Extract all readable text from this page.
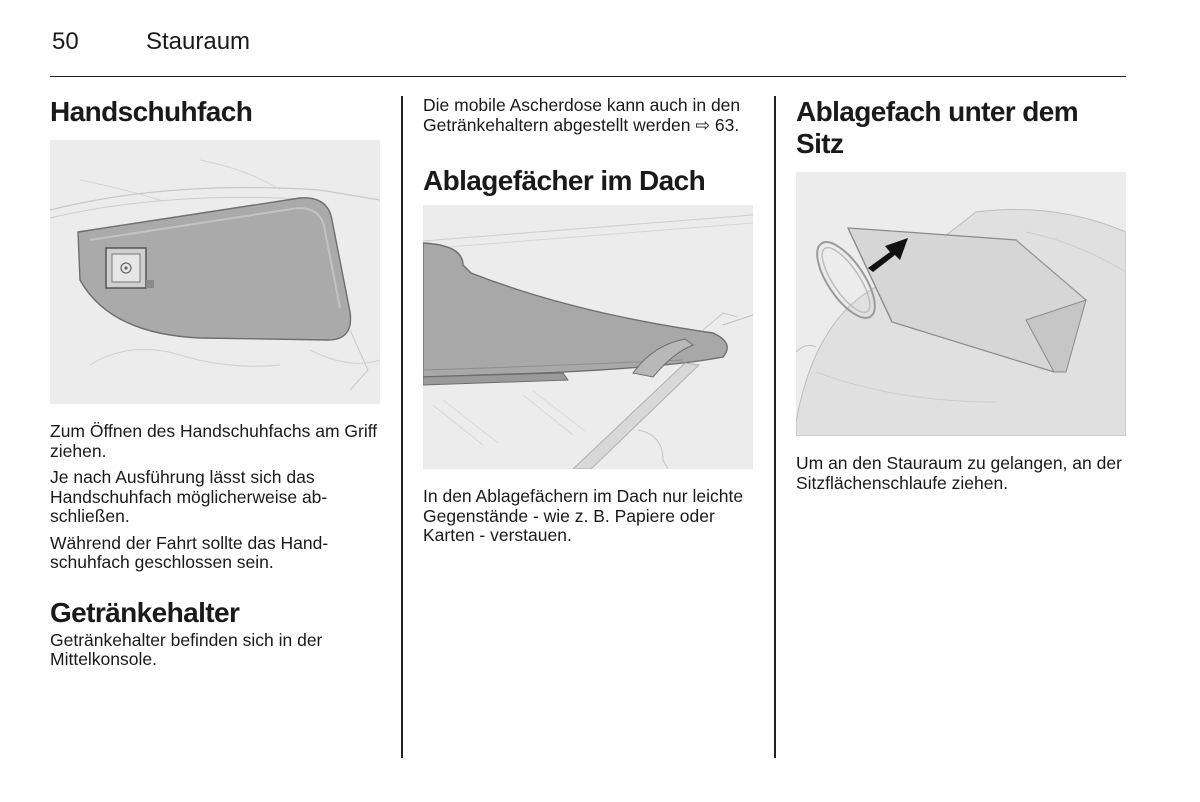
50	Stauraum
Handschuhfach

Zum Öffnen des Handschuhfachs am Griff ziehen.

Je nach Ausführung lässt sich das Handschuhfach möglicherweise abschließen.

Während der Fahrt sollte das Handschuhfach geschlossen sein.

Getränkehalter

Getränkehalter befinden sich in der Mittelkonsole.

Die mobile Ascherdose kann auch in den Getränkehaltern abgestellt werden ⇨ 63.

Ablagefächer im Dach

In den Ablagefächern im Dach nur leichte Gegenstände - wie z. B. Papiere oder Karten - verstauen.

Ablagefach unter dem Sitz

Um an den Stauraum zu gelangen, an der Sitzflächenschlaufe ziehen.
